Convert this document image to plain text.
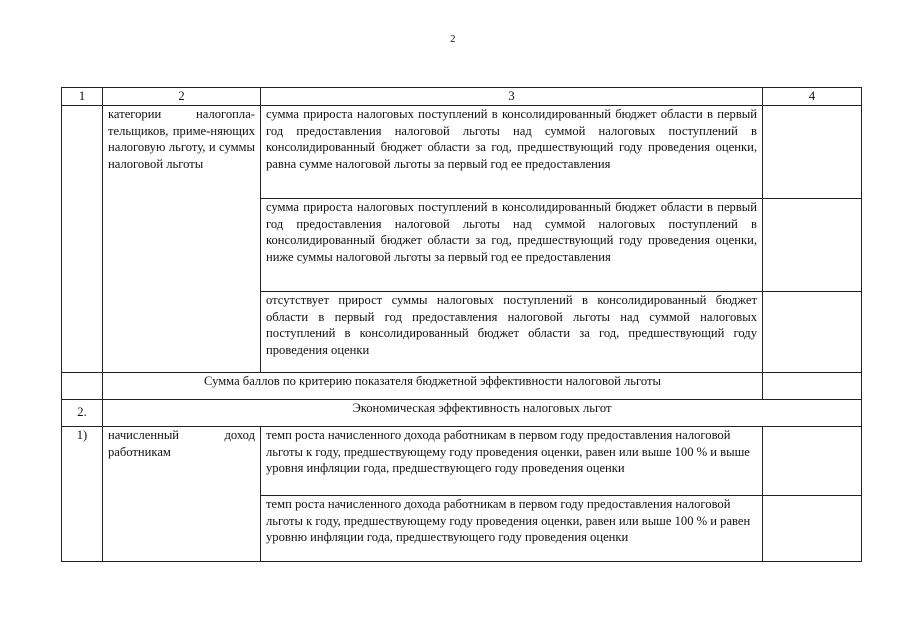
2
1	2	3	4
	категории налогопла-тельщиков, приме-няющих налоговую льготу, и суммы налоговой льготы	сумма прироста налоговых поступлений в консолидированный бюджет области в первый год предоставления налоговой льготы над суммой налоговых поступлений в консолидированный бюджет области за год, предшествующий году проведения оценки, равна сумме налоговой льготы за первый год ее предоставления	
		сумма прироста налоговых поступлений в консолидированный бюджет области в первый год предоставления налоговой льготы над суммой налоговых поступлений в консолидированный бюджет области за год, предшествующий году проведения оценки, ниже суммы налоговой льготы за первый год ее предоставления	
		отсутствует прирост суммы налоговых поступлений в консолидированный бюджет области в первый год предоставления налоговой льготы над суммой налоговых поступлений в консолидированный бюджет области за год, предшествующий году проведения оценки	
	Сумма баллов по критерию показателя бюджетной эффективности налоговой льготы		
2.	Экономическая эффективность налоговых льгот		
1)	начисленный доход работникам	темп роста начисленного дохода работникам в первом году предоставления налоговой льготы к году, предшествующему году проведения оценки, равен или выше 100 % и выше уровня инфляции года, предшествующего году проведения оценки	
		темп роста начисленного дохода работникам в первом году предоставления налоговой льготы к году, предшествующему году проведения оценки, равен или выше 100 % и равен уровню инфляции года, предшествующего году проведения оценки	
